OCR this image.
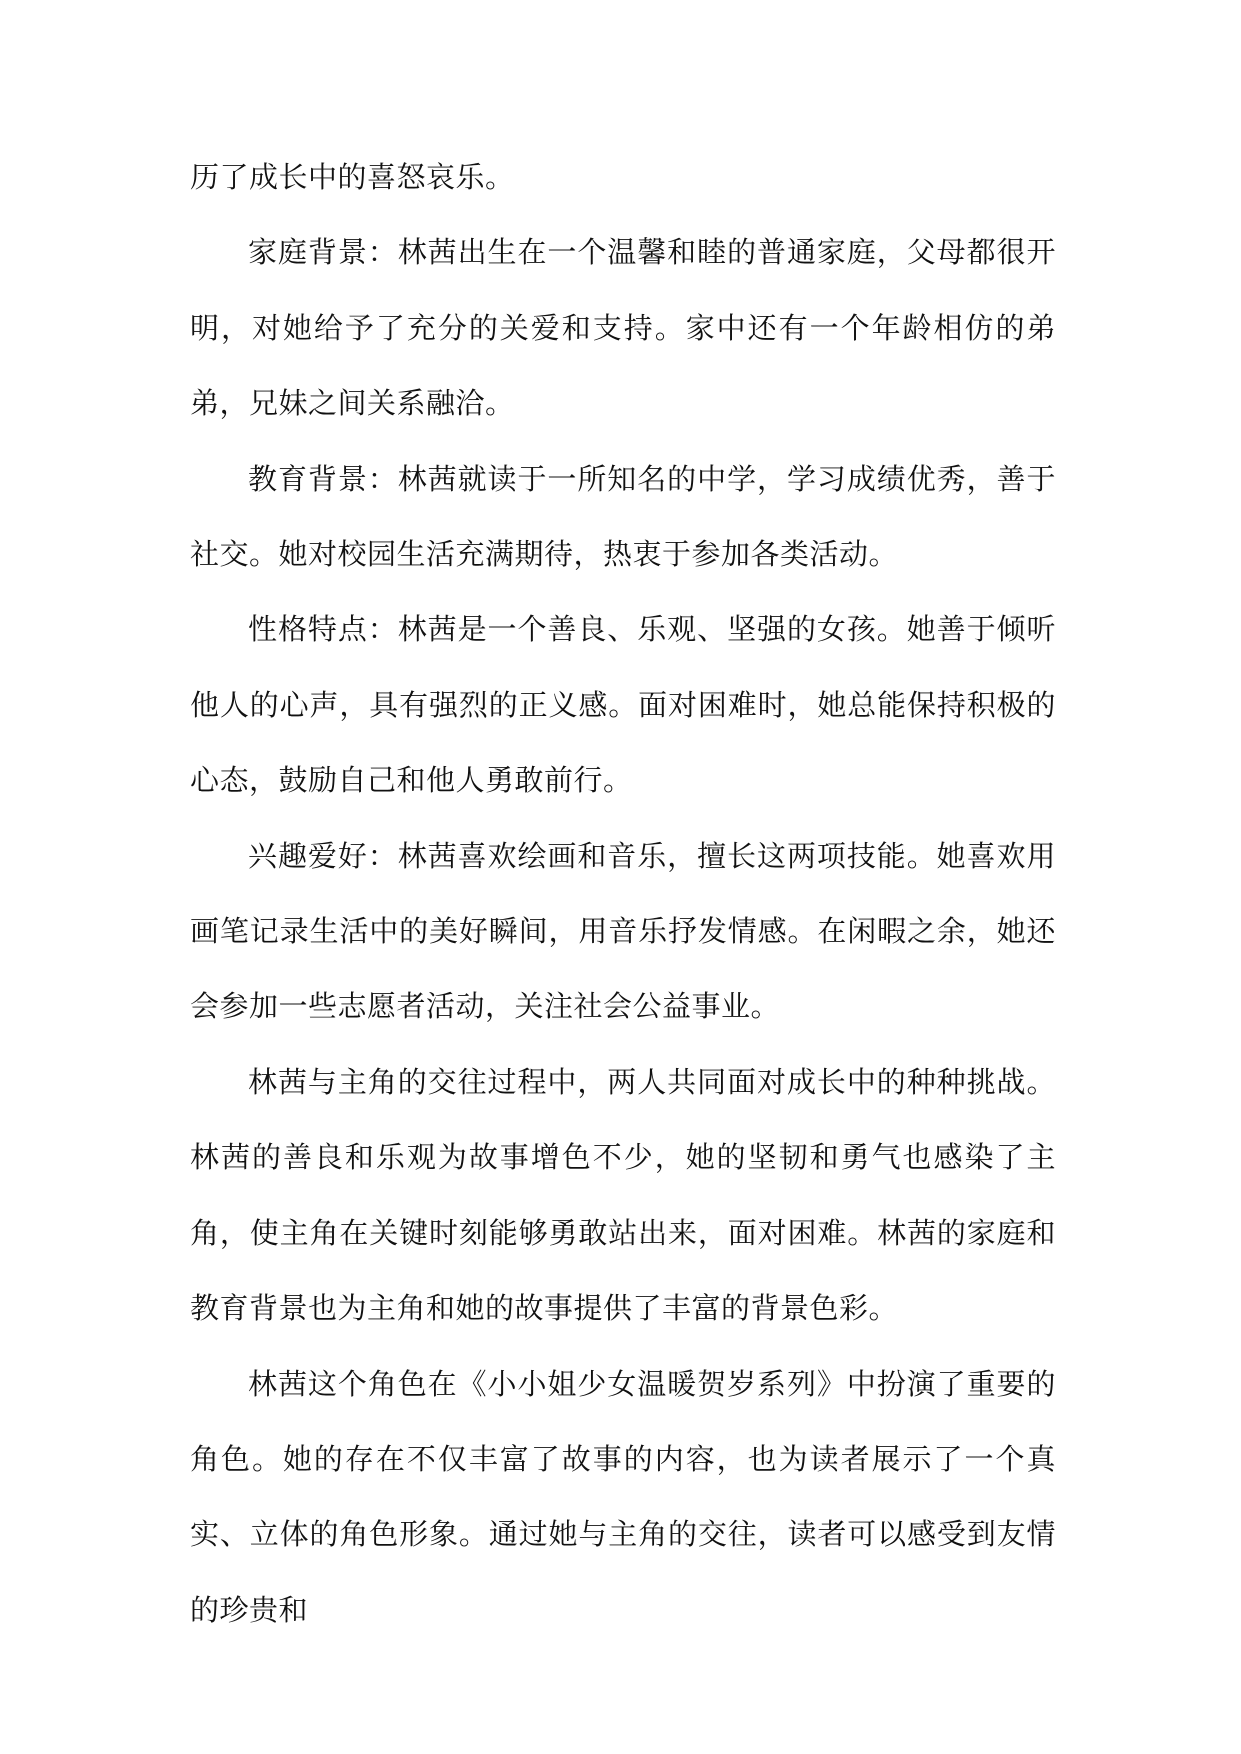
历了成长中的喜怒哀乐。

家庭背景：林茜出生在一个温馨和睦的普通家庭，父母都很开明，对她给予了充分的关爱和支持。家中还有一个年龄相仿的弟弟，兄妹之间关系融洽。

教育背景：林茜就读于一所知名的中学，学习成绩优秀，善于社交。她对校园生活充满期待，热衷于参加各类活动。

性格特点：林茜是一个善良、乐观、坚强的女孩。她善于倾听他人的心声，具有强烈的正义感。面对困难时，她总能保持积极的心态，鼓励自己和他人勇敢前行。

兴趣爱好：林茜喜欢绘画和音乐，擅长这两项技能。她喜欢用画笔记录生活中的美好瞬间，用音乐抒发情感。在闲暇之余，她还会参加一些志愿者活动，关注社会公益事业。

林茜与主角的交往过程中，两人共同面对成长中的种种挑战。林茜的善良和乐观为故事增色不少，她的坚韧和勇气也感染了主角，使主角在关键时刻能够勇敢站出来，面对困难。林茜的家庭和教育背景也为主角和她的故事提供了丰富的背景色彩。

林茜这个角色在《小小姐少女温暖贺岁系列》中扮演了重要的角色。她的存在不仅丰富了故事的内容，也为读者展示了一个真实、立体的角色形象。通过她与主角的交往，读者可以感受到友情的珍贵和
